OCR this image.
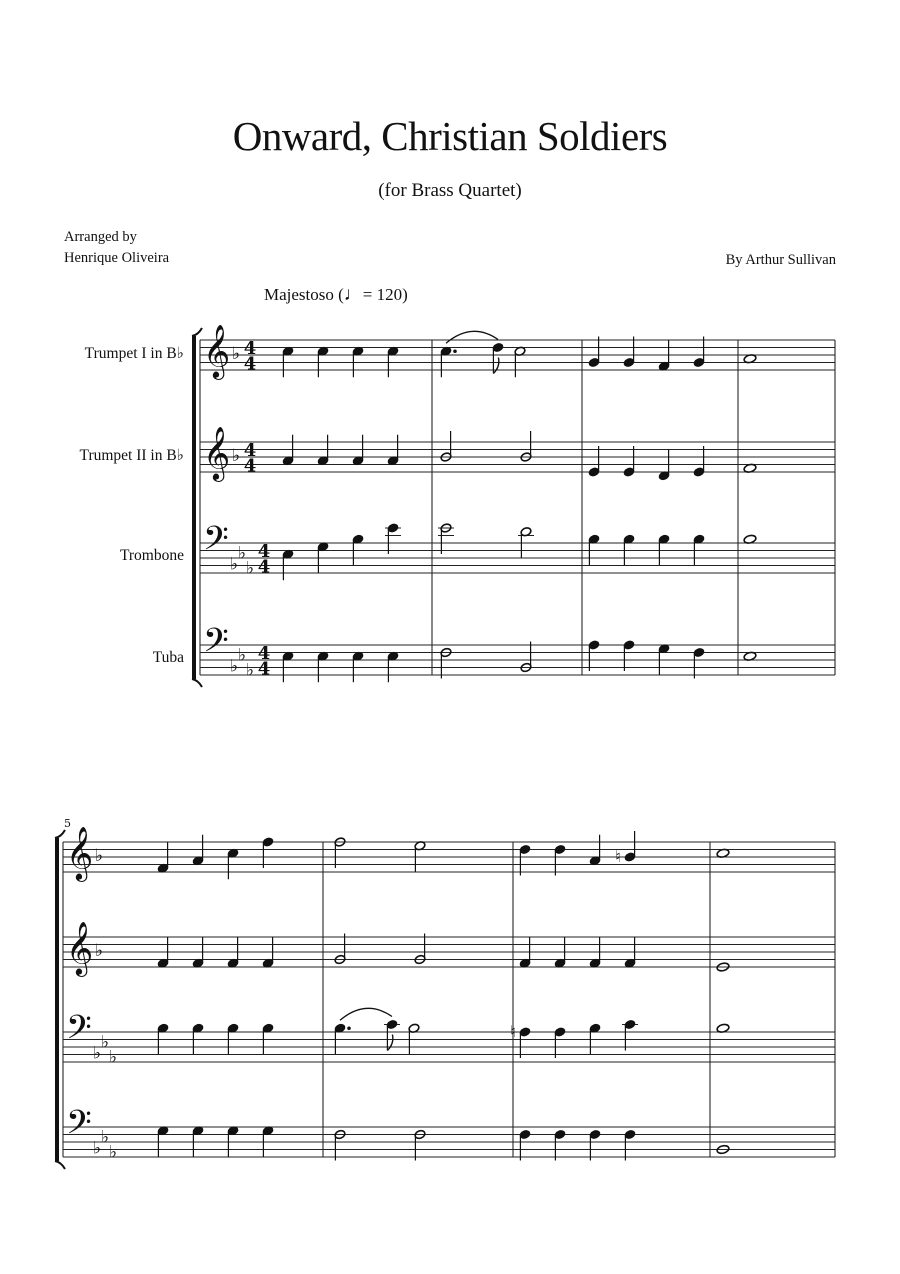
Onward, Christian Soldiers
(for Brass Quartet)
Arranged by
Henrique Oliveira	By Arthur Sullivan
Majestoso (♩= 120)
Trumpet I in B♭
Trumpet II in B♭
Trombone
Tuba
𝄞 ♭ 4
4
𝄞 ♭ 4
4
𝄢 ♭
♭
♭
4
4
𝄢 ♭
♭
♭
4
4
5
𝄞 ♭	♮
𝄞 ♭
𝄢 ♭
♭
♭
♮
𝄢 ♭
♭
♭
